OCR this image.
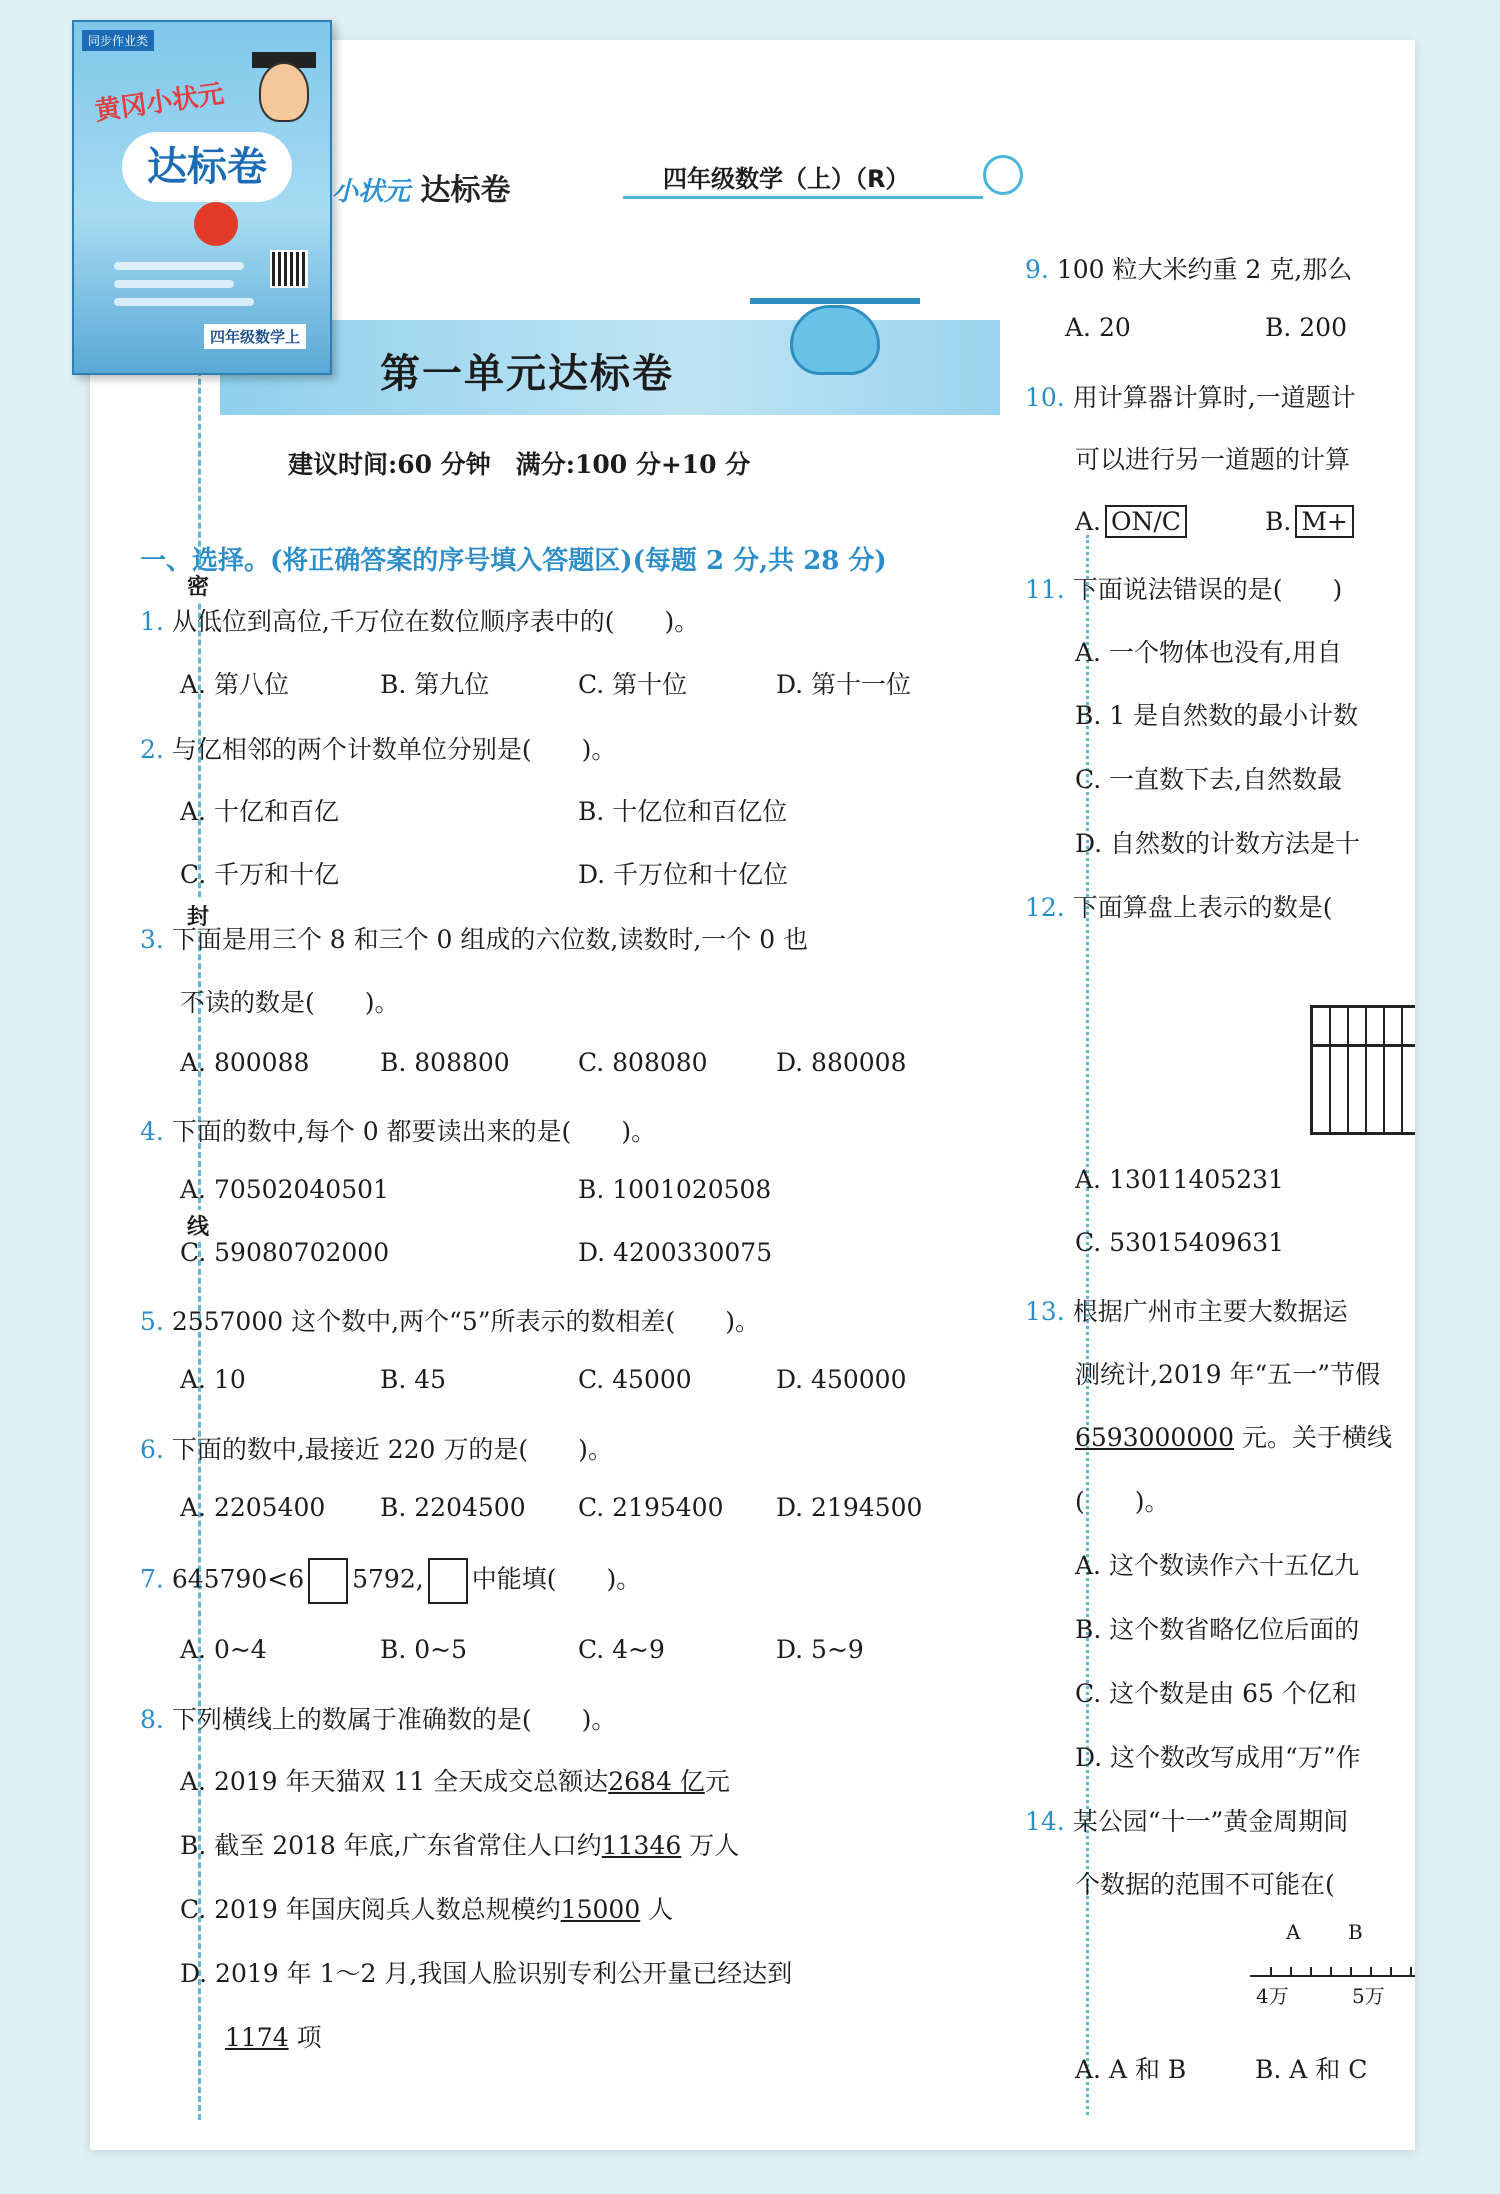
密
封
线
小状元 达标卷	四年级数学（上）（R）
第一单元达标卷
建议时间:60 分钟　满分:100 分+10 分
一、选择。(将正确答案的序号填入答题区)(每题 2 分,共 28 分)
1. 从低位到高位,千万位在数位顺序表中的(　　)。
A. 第八位	B. 第九位	C. 第十位	D. 第十一位
2. 与亿相邻的两个计数单位分别是(　　)。
A. 十亿和百亿	B. 十亿位和百亿位
C. 千万和十亿	D. 千万位和十亿位
3. 下面是用三个 8 和三个 0 组成的六位数,读数时,一个 0 也
不读的数是(　　)。
A. 800088	B. 808800	C. 808080	D. 880008
4. 下面的数中,每个 0 都要读出来的是(　　)。
A. 70502040501	B. 1001020508
C. 59080702000	D. 4200330075
5. 2557000 这个数中,两个“5”所表示的数相差(　　)。
A. 10	B. 45	C. 45000	D. 450000
6. 下面的数中,最接近 220 万的是(　　)。
A. 2205400 B. 2204500 C. 2195400 D. 2194500
7. 645790<6 5792, 中能填(　　)。
A. 0~4	B. 0~5	C. 4~9	D. 5~9
8. 下列横线上的数属于准确数的是(　　)。
A. 2019 年天猫双 11 全天成交总额达2684 亿元
B. 截至 2018 年底,广东省常住人口约11346 万人
C. 2019 年国庆阅兵人数总规模约15000 人
D. 2019 年 1～2 月,我国人脸识别专利公开量已经达到
1174 项
9. 100 粒大米约重 2 克,那么
A. 20	B. 200
10. 用计算器计算时,一道题计
可以进行另一道题的计算
A. ON/C	B. M+
11. 下面说法错误的是(　　)
A. 一个物体也没有,用自
B. 1 是自然数的最小计数
C. 一直数下去,自然数最
D. 自然数的计数方法是十
12. 下面算盘上表示的数是(
A. 13011405231
C. 53015409631
13. 根据广州市主要大数据运
测统计,2019 年“五一”节假
6593000000 元。关于横线
(　　)。
A. 这个数读作六十五亿九
B. 这个数省略亿位后面的
C. 这个数是由 65 个亿和
D. 这个数改写成用“万”作
14. 某公园“十一”黄金周期间
个数据的范围不可能在(
A B
4万	5万
A. A 和 B	B. A 和 C
同步作业类
黄冈小状元
达标卷
四年级数学上
